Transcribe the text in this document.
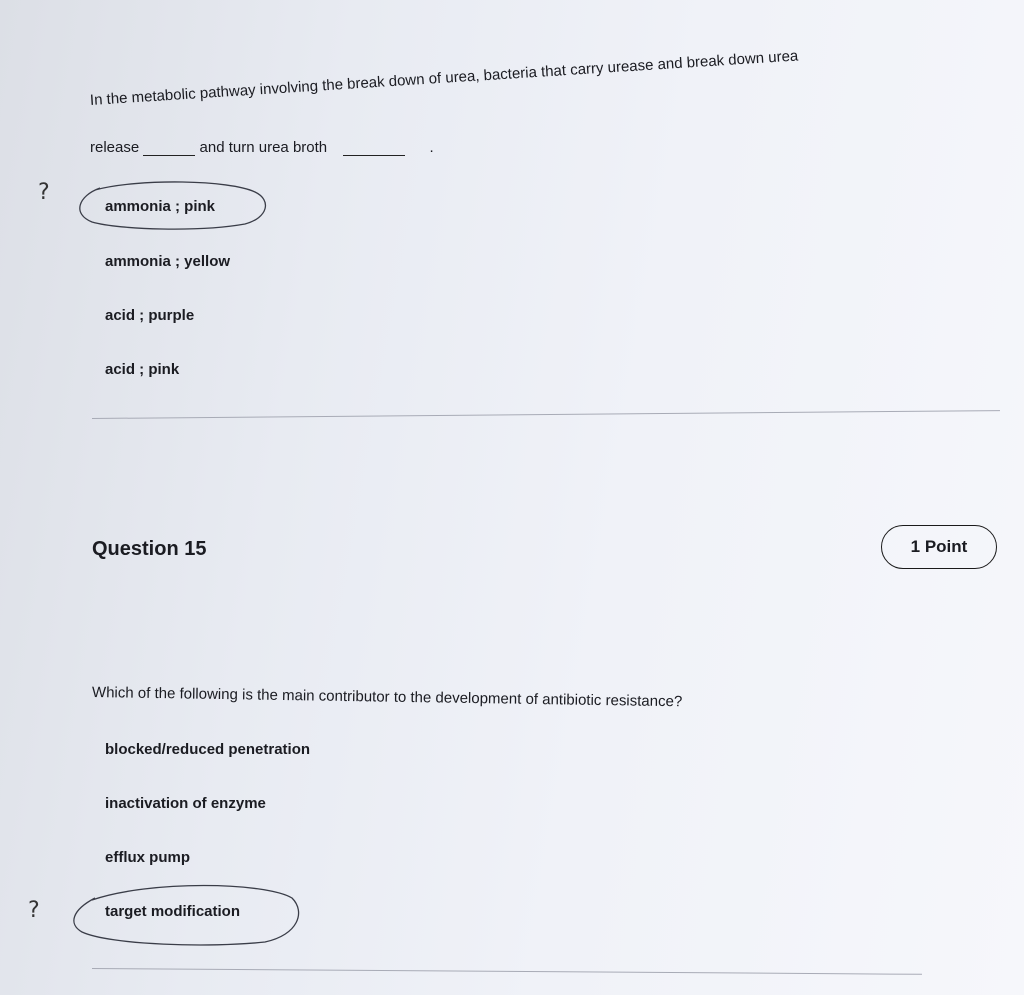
In the metabolic pathway involving the break down of urea, bacteria that carry urease and break down urea
release	and turn urea broth	.
?
ammonia ; pink
ammonia ; yellow
acid ; purple
acid ; pink
Question 15	1 Point
Which of the following is the main contributor to the development of antibiotic resistance?
blocked/reduced penetration
inactivation of enzyme
efflux pump
target modification
?
